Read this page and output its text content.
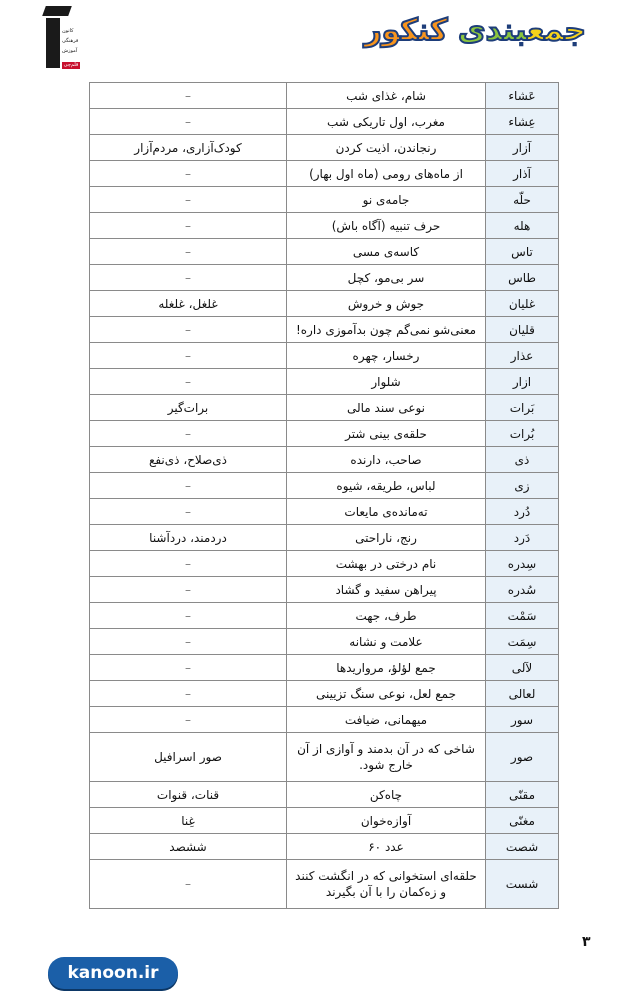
کانون
فرهنگی
آموزش
قلم‌چی
جمعبندی کنکور
عَشاء	شام، غذای شب	–
عِشاء	مغرب، اول تاریکی شب	–
آزار	رنجاندن، اذیت کردن	کودک‌آزاری، مردم‌آزار
آذار	از ماه‌های رومی (ماه اول بهار)	–
حلّه	جامه‌ی نو	–
هله	حرف تنبیه (آگاه باش)	–
تاس	کاسه‌ی مسی	–
طاس	سر بی‌مو، کچل	–
غلیان	جوش و خروش	غلغل، غلغله
قلیان	معنی‌شو نمی‌گم چون بدآموزی داره!	–
عذار	رخسار، چهره	–
ازار	شلوار	–
بَرات	نوعی سند مالی	برات‌گیر
بُرات	حلقه‌ی بینی شتر	–
ذی	صاحب، دارنده	ذی‌صلاح، ذی‌نفع
زی	لباس، طریقه، شیوه	–
دُرد	ته‌مانده‌ی مایعات	–
دَرد	رنج، ناراحتی	دردمند، دردآشنا
سِدره	نام درختی در بهشت	–
سُدره	پیراهن سفید و گشاد	–
سَمْت	طرف، جهت	–
سِمَت	علامت و نشانه	–
لآلی	جمع لؤلؤ، مرواریدها	–
لعالی	جمع لعل، نوعی سنگ تزیینی	–
سور	میهمانی، ضیافت	–
صور	شاخی که در آن بدمند و آوازی از آن خارج شود.	صور اسرافیل
مقنّی	چاه‌کن	قنات، قنوات
مغنّی	آوازه‌خوان	غِنا
شصت	عدد ۶۰	ششصد
شست	حلقه‌ای استخوانی که در انگشت کنند و زه‌کمان را با آن بگیرند	–
۳
kanoon.ir
